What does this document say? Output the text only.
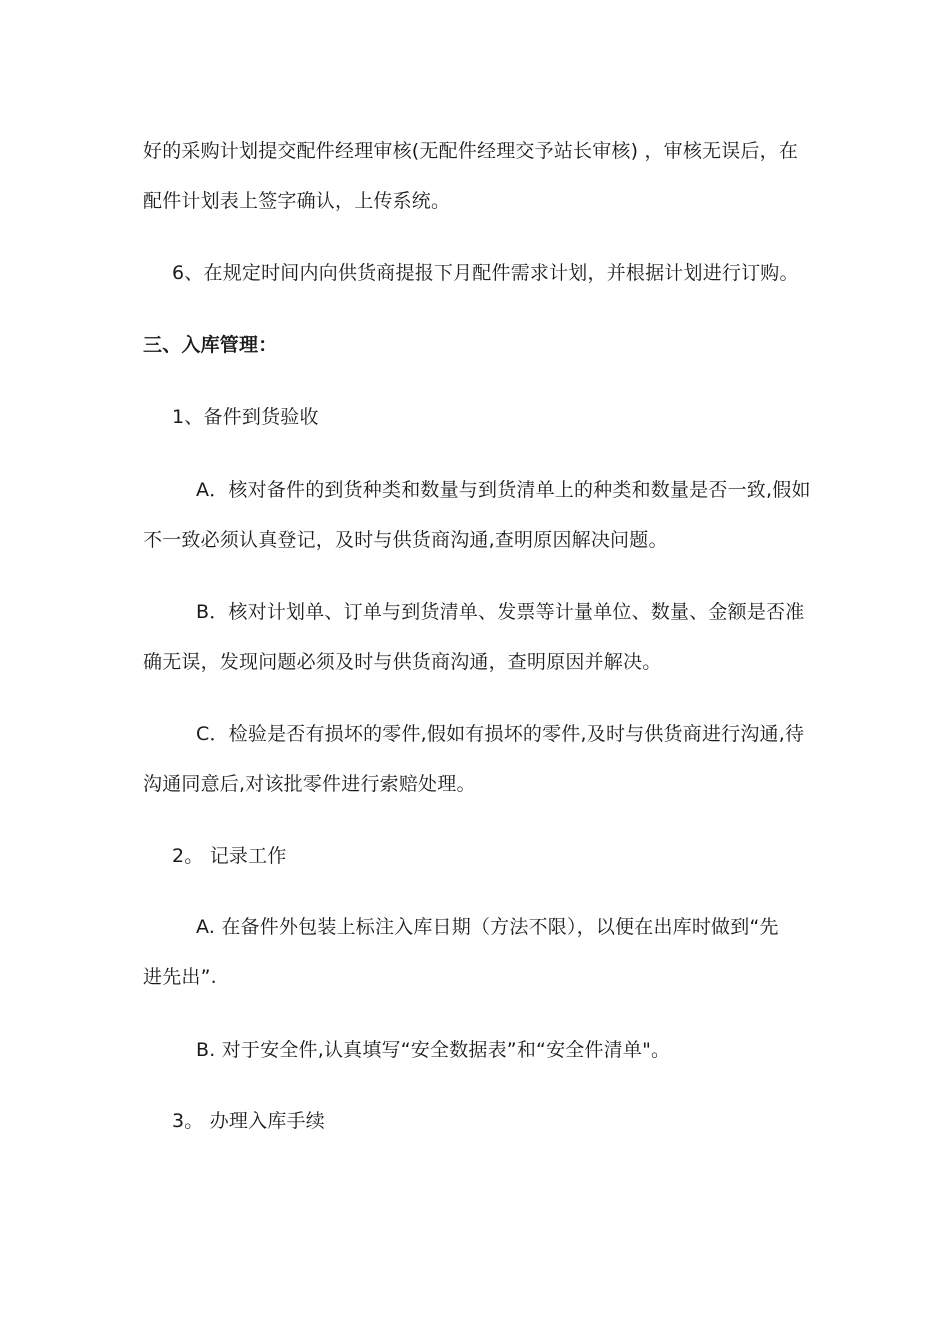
好的采购计划提交配件经理审核(无配件经理交予站长审核) ，审核无误后，在
配件计划表上签字确认，上传系统。
6、在规定时间内向供货商提报下月配件需求计划，并根据计划进行订购。
三、入库管理：
1、备件到货验收
A．核对备件的到货种类和数量与到货清单上的种类和数量是否一致,假如
不一致必须认真登记，及时与供货商沟通,查明原因解决问题。
B．核对计划单、订单与到货清单、发票等计量单位、数量、金额是否准
确无误，发现问题必须及时与供货商沟通，查明原因并解决。
C．检验是否有损坏的零件,假如有损坏的零件,及时与供货商进行沟通,待
沟通同意后,对该批零件进行索赔处理。
2。 记录工作
A. 在备件外包装上标注入库日期（方法不限），以便在出库时做到“先
进先出”.
B. 对于安全件,认真填写“安全数据表”和“安全件清单"。
3。 办理入库手续
